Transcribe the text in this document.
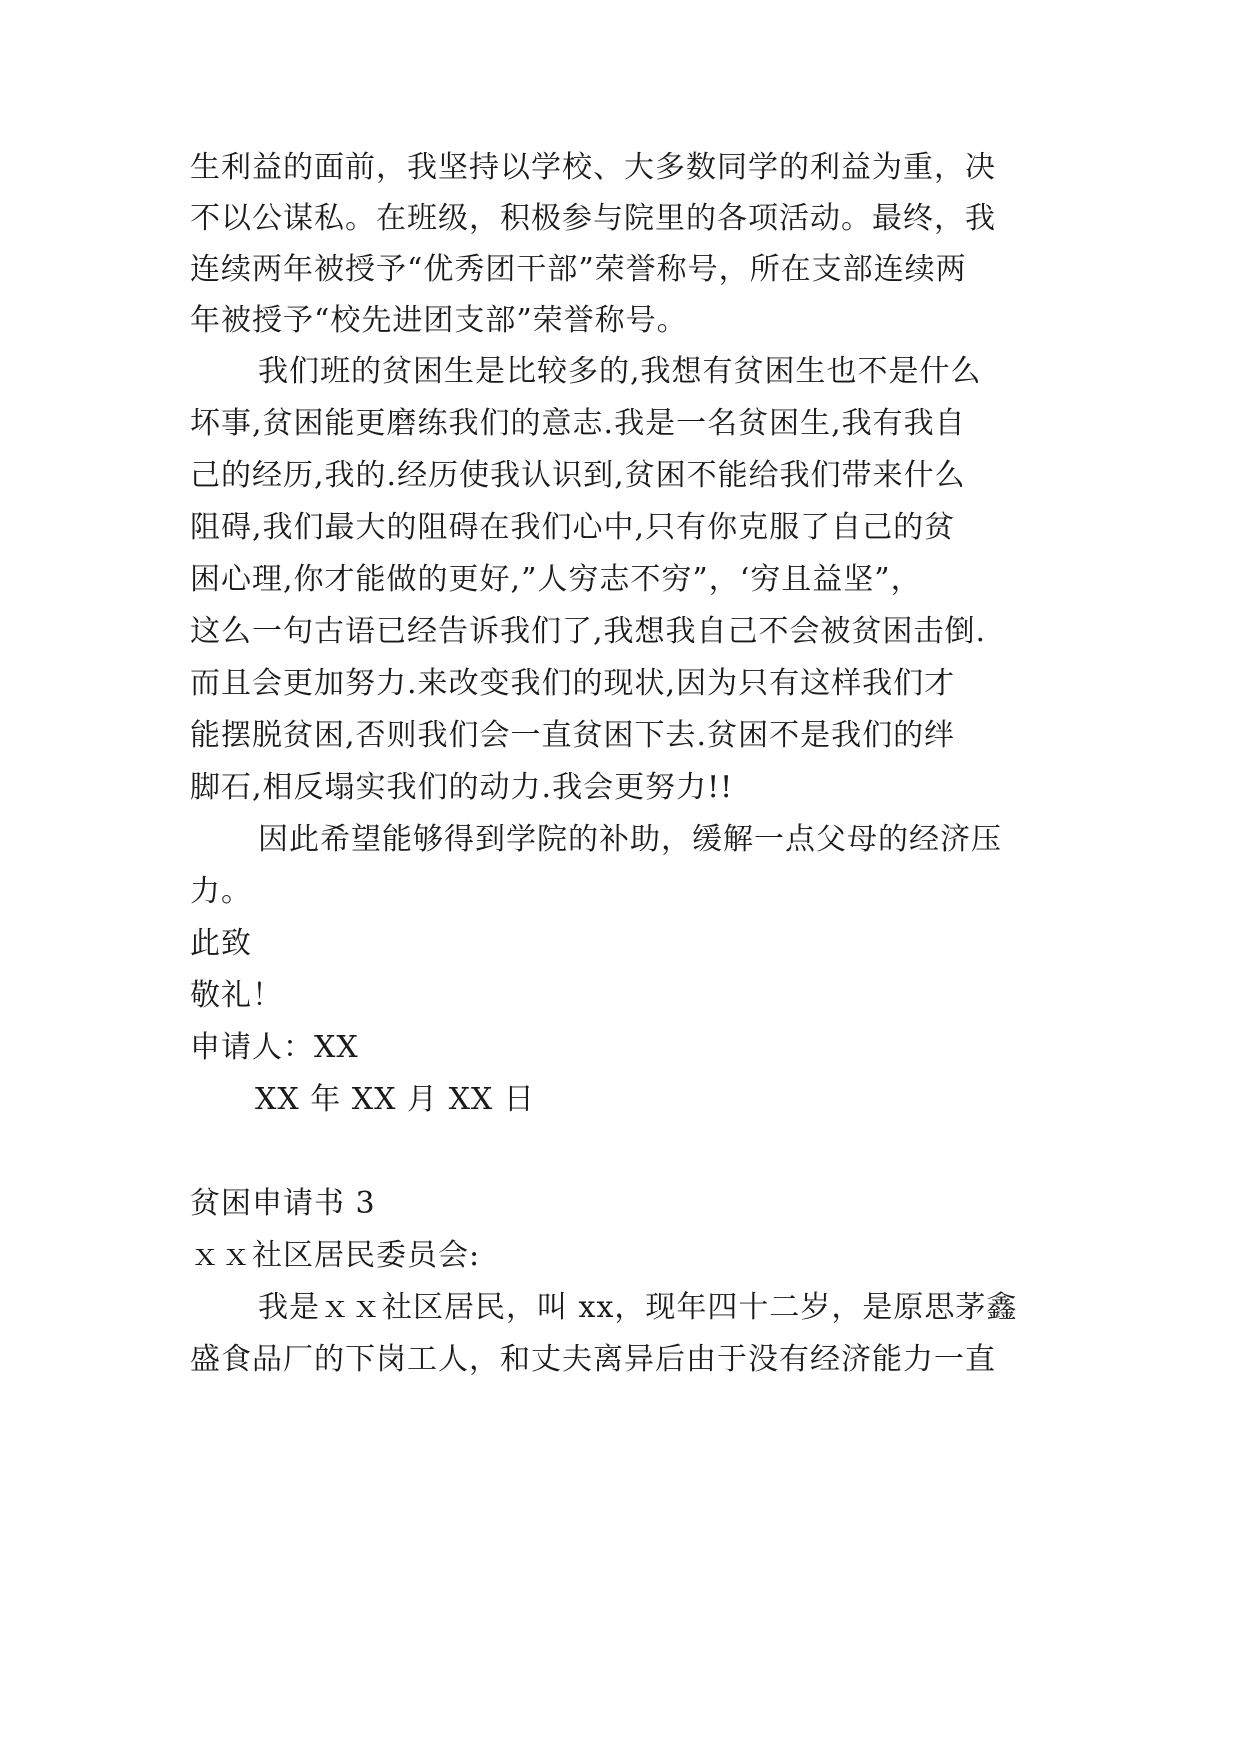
生利益的面前，我坚持以学校、大多数同学的利益为重，决
不以公谋私。在班级，积极参与院里的各项活动。最终，我
连续两年被授予“优秀团干部”荣誉称号，所在支部连续两
年被授予“校先进团支部”荣誉称号。
我们班的贫困生是比较多的,我想有贫困生也不是什么
坏事,贫困能更磨练我们的意志.我是一名贫困生,我有我自
己的经历,我的.经历使我认识到,贫困不能给我们带来什么
阻碍,我们最大的阻碍在我们心中,只有你克服了自己的贫
困心理,你才能做的更好,”人穷志不穷”，‘穷且益坚”，
这么一句古语已经告诉我们了,我想我自己不会被贫困击倒.
而且会更加努力.来改变我们的现状,因为只有这样我们才
能摆脱贫困,否则我们会一直贫困下去.贫困不是我们的绊
脚石,相反塌实我们的动力.我会更努力!!
因此希望能够得到学院的补助，缓解一点父母的经济压
力。
此致
敬礼！
申请人：XX
XX 年 XX 月 XX 日
贫困申请书 3
ｘｘ社区居民委员会:
我是ｘｘ社区居民，叫 xx，现年四十二岁，是原思茅鑫
盛食品厂的下岗工人，和丈夫离异后由于没有经济能力一直
